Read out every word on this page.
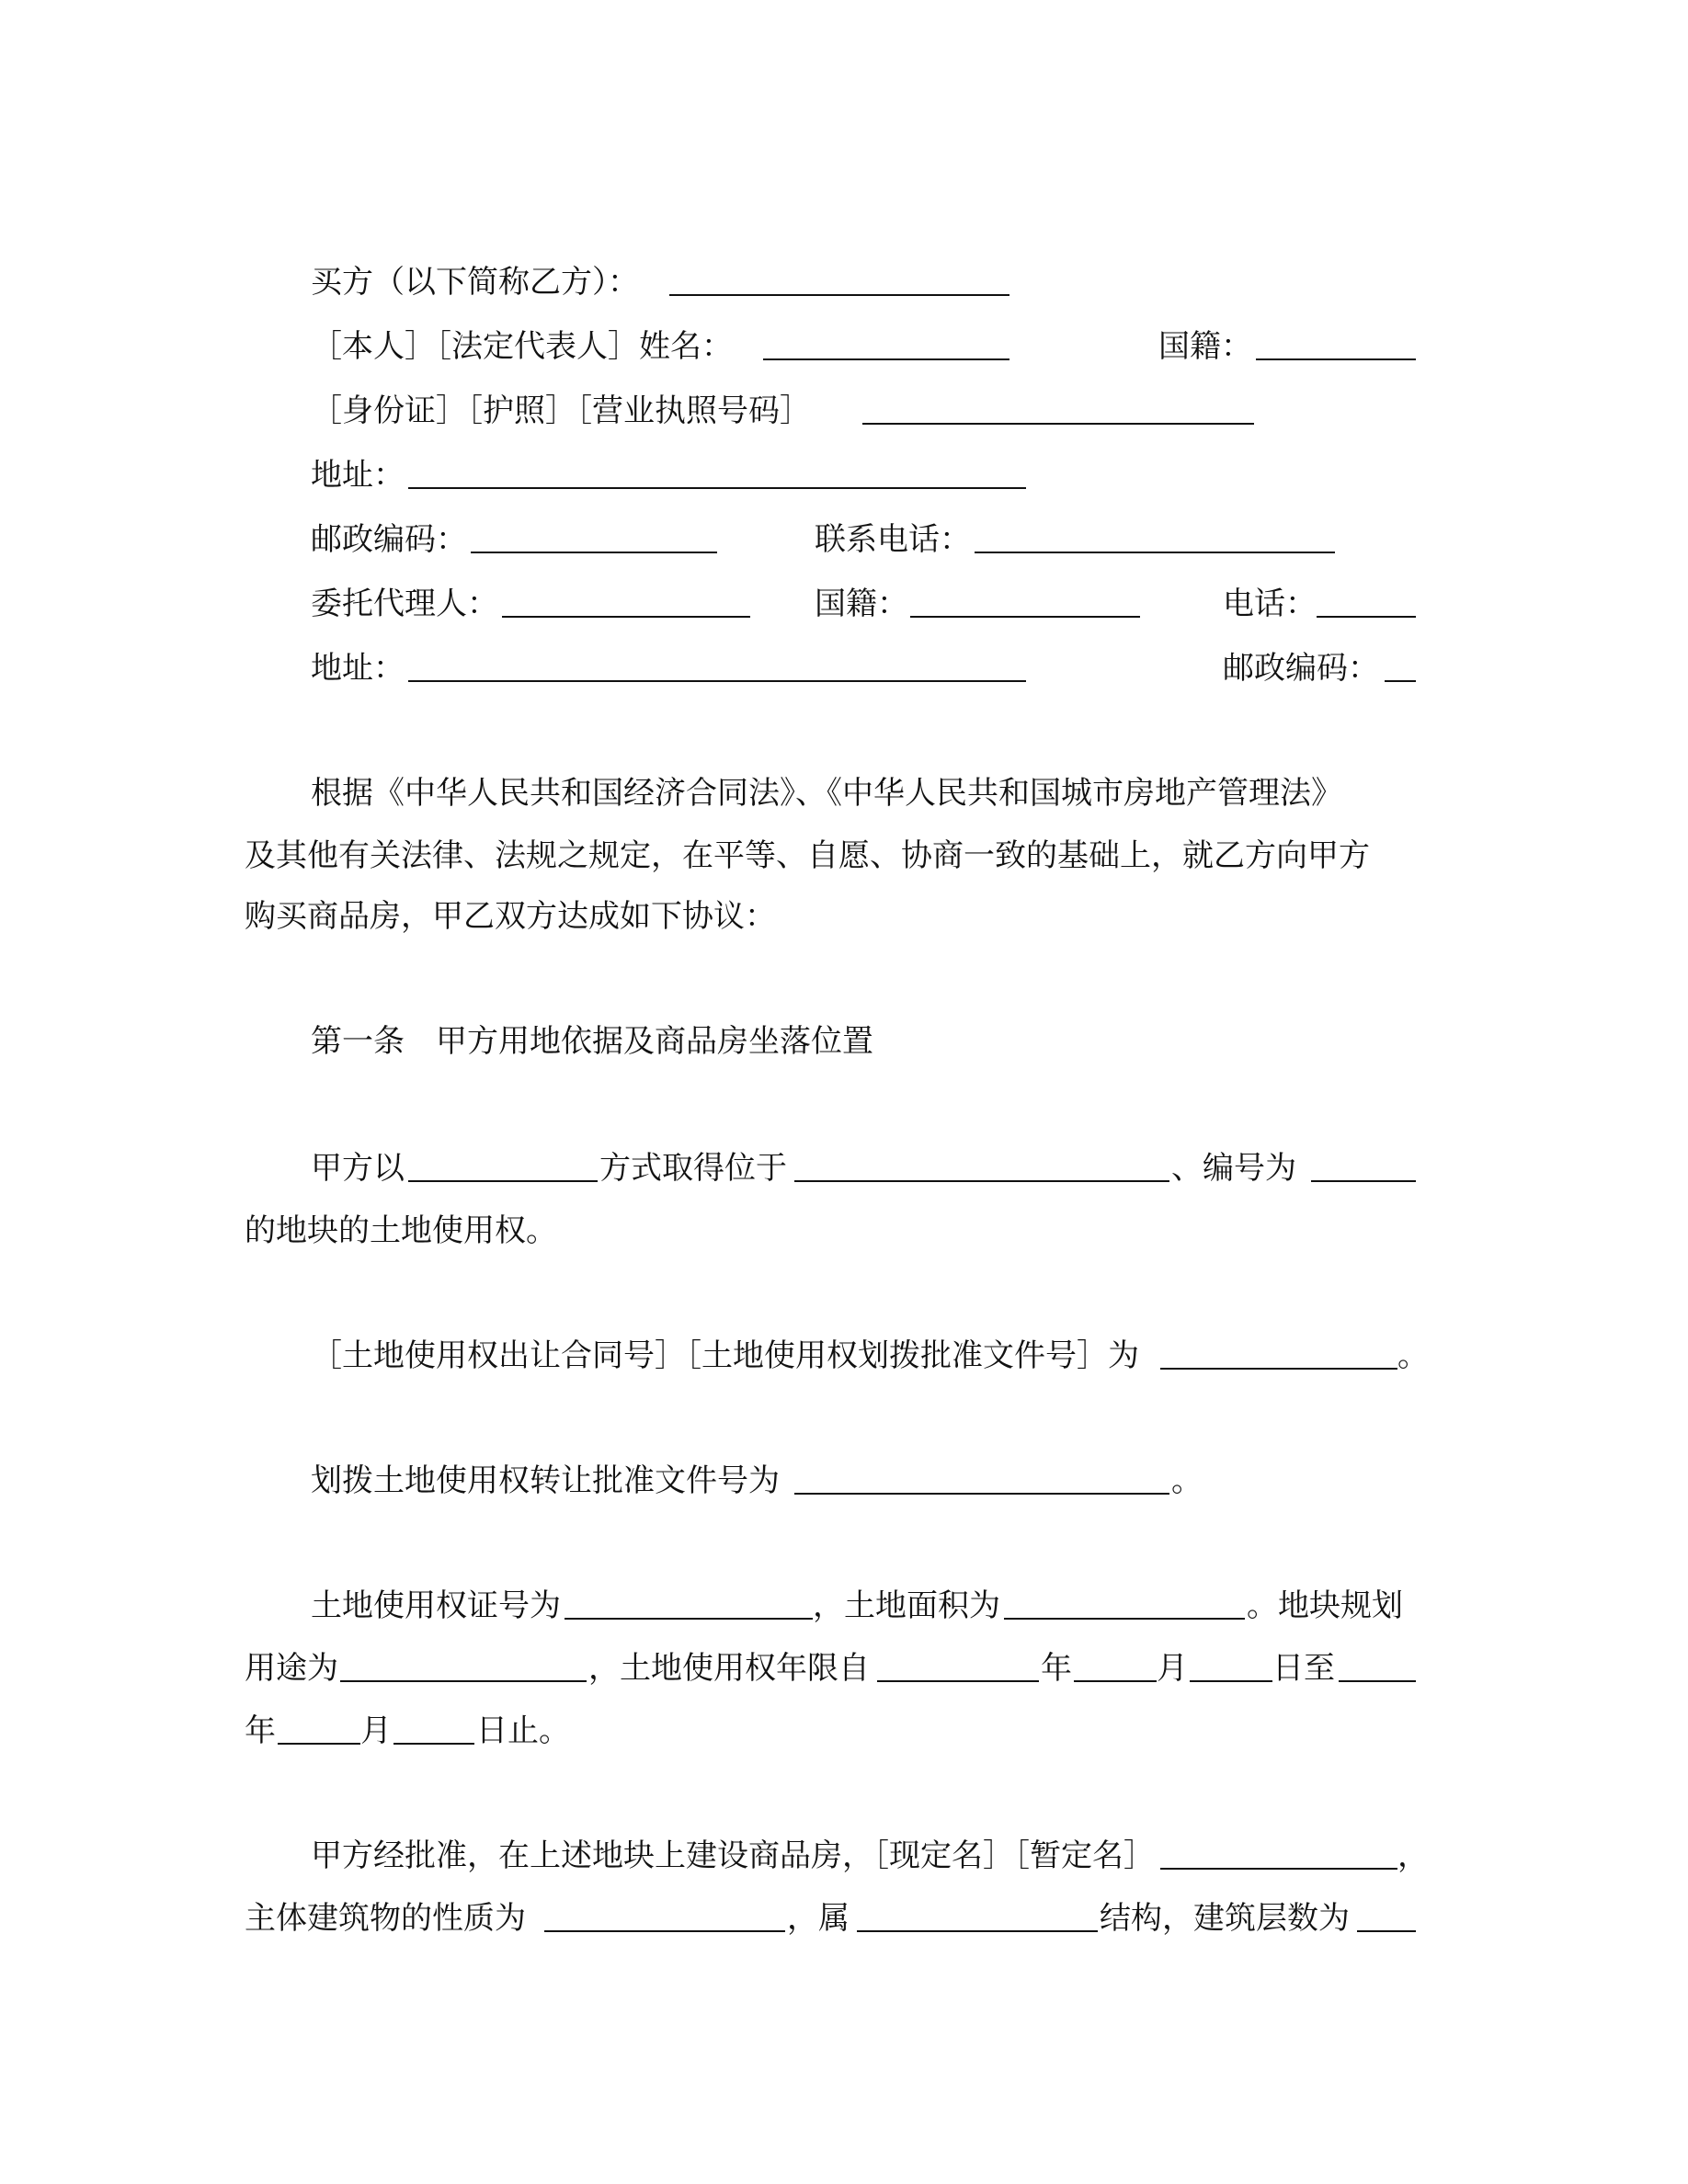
买方（以下简称乙方）：
［本人］［法定代表人］姓名：	国籍：
［身份证］［护照］［营业执照号码］
地址：
邮政编码：	联系电话：
委托代理人：	国籍：	电话：
地址：	邮政编码：
根据《中华人民共和国经济合同法》、《中华人民共和国城市房地产管理法》
及其他有关法律、法规之规定，在平等、自愿、协商一致的基础上，就乙方向甲方
购买商品房，甲乙双方达成如下协议：
第一条　甲方用地依据及商品房坐落位置
甲方以	方式取得位于	、编号为
的地块的土地使用权。
［土地使用权出让合同号］［土地使用权划拨批准文件号］为	。
划拨土地使用权转让批准文件号为	。
土地使用权证号为	，土地面积为	。地块规划
用途为	，土地使用权年限自	年	月	日至
年	月	日止。
甲方经批准，在上述地块上建设商品房，［现定名］［暂定名］	，
主体建筑物的性质为	，属	结构，建筑层数为
